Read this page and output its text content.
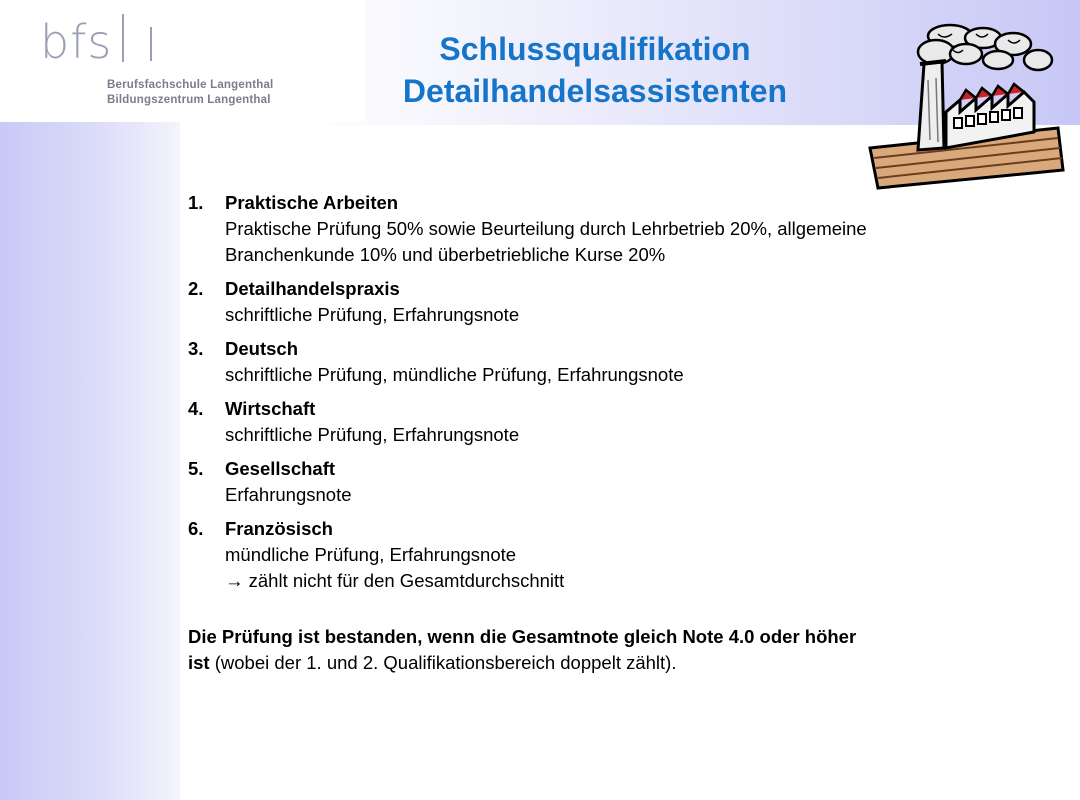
bfs
Berufsfachschule Langenthal
Bildungszentrum Langenthal
Schlussqualifikation
Detailhandelsassistenten
1.	Praktische Arbeiten
Praktische Prüfung 50% sowie Beurteilung durch Lehrbetrieb 20%, allgemeine
Branchenkunde 10% und überbetriebliche Kurse 20%
2.	Detailhandelspraxis
schriftliche Prüfung, Erfahrungsnote
3.	Deutsch
schriftliche Prüfung, mündliche Prüfung, Erfahrungsnote
4.	Wirtschaft
schriftliche Prüfung, Erfahrungsnote
5.	Gesellschaft
Erfahrungsnote
6.	Französisch
mündliche Prüfung, Erfahrungsnote
→ zählt nicht für den Gesamtdurchschnitt
Die Prüfung ist bestanden, wenn die Gesamtnote gleich Note 4.0 oder höher
ist (wobei der 1. und 2. Qualifikationsbereich doppelt zählt).
